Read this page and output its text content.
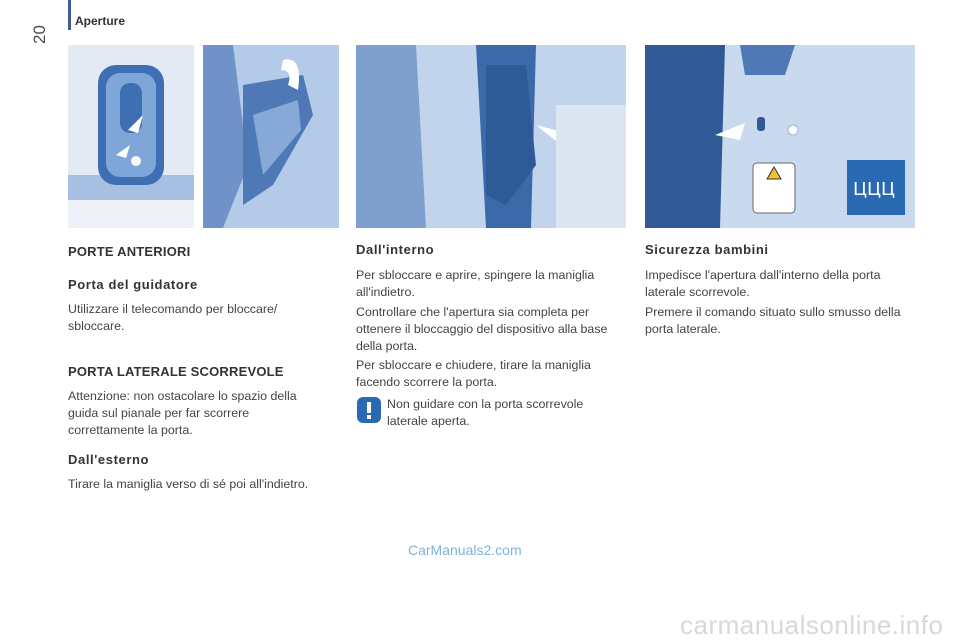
20
Aperture
ЦЦЦ
PORTE ANTERIORI
Porta del guidatore

Utilizzare il telecomando per bloccare/ sbloccare.

PORTA LATERALE SCORREVOLE

Attenzione: non ostacolare lo spazio della guida sul pianale per far scorrere correttamente la porta.

Dall'esterno

Tirare la maniglia verso di sé poi all'indietro.

Dall'interno

Per sbloccare e aprire, spingere la maniglia all'indietro.

Controllare che l'apertura sia completa per ottenere il bloccaggio del dispositivo alla base della porta.

Per sbloccare e chiudere, tirare la maniglia facendo scorrere la porta.

Non guidare con la porta scorrevole laterale aperta.

Sicurezza bambini

Impedisce l'apertura dall'interno della porta laterale scorrevole.

Premere il comando situato sullo smusso della porta laterale.

CarManuals2.com
carmanualsonline.info
